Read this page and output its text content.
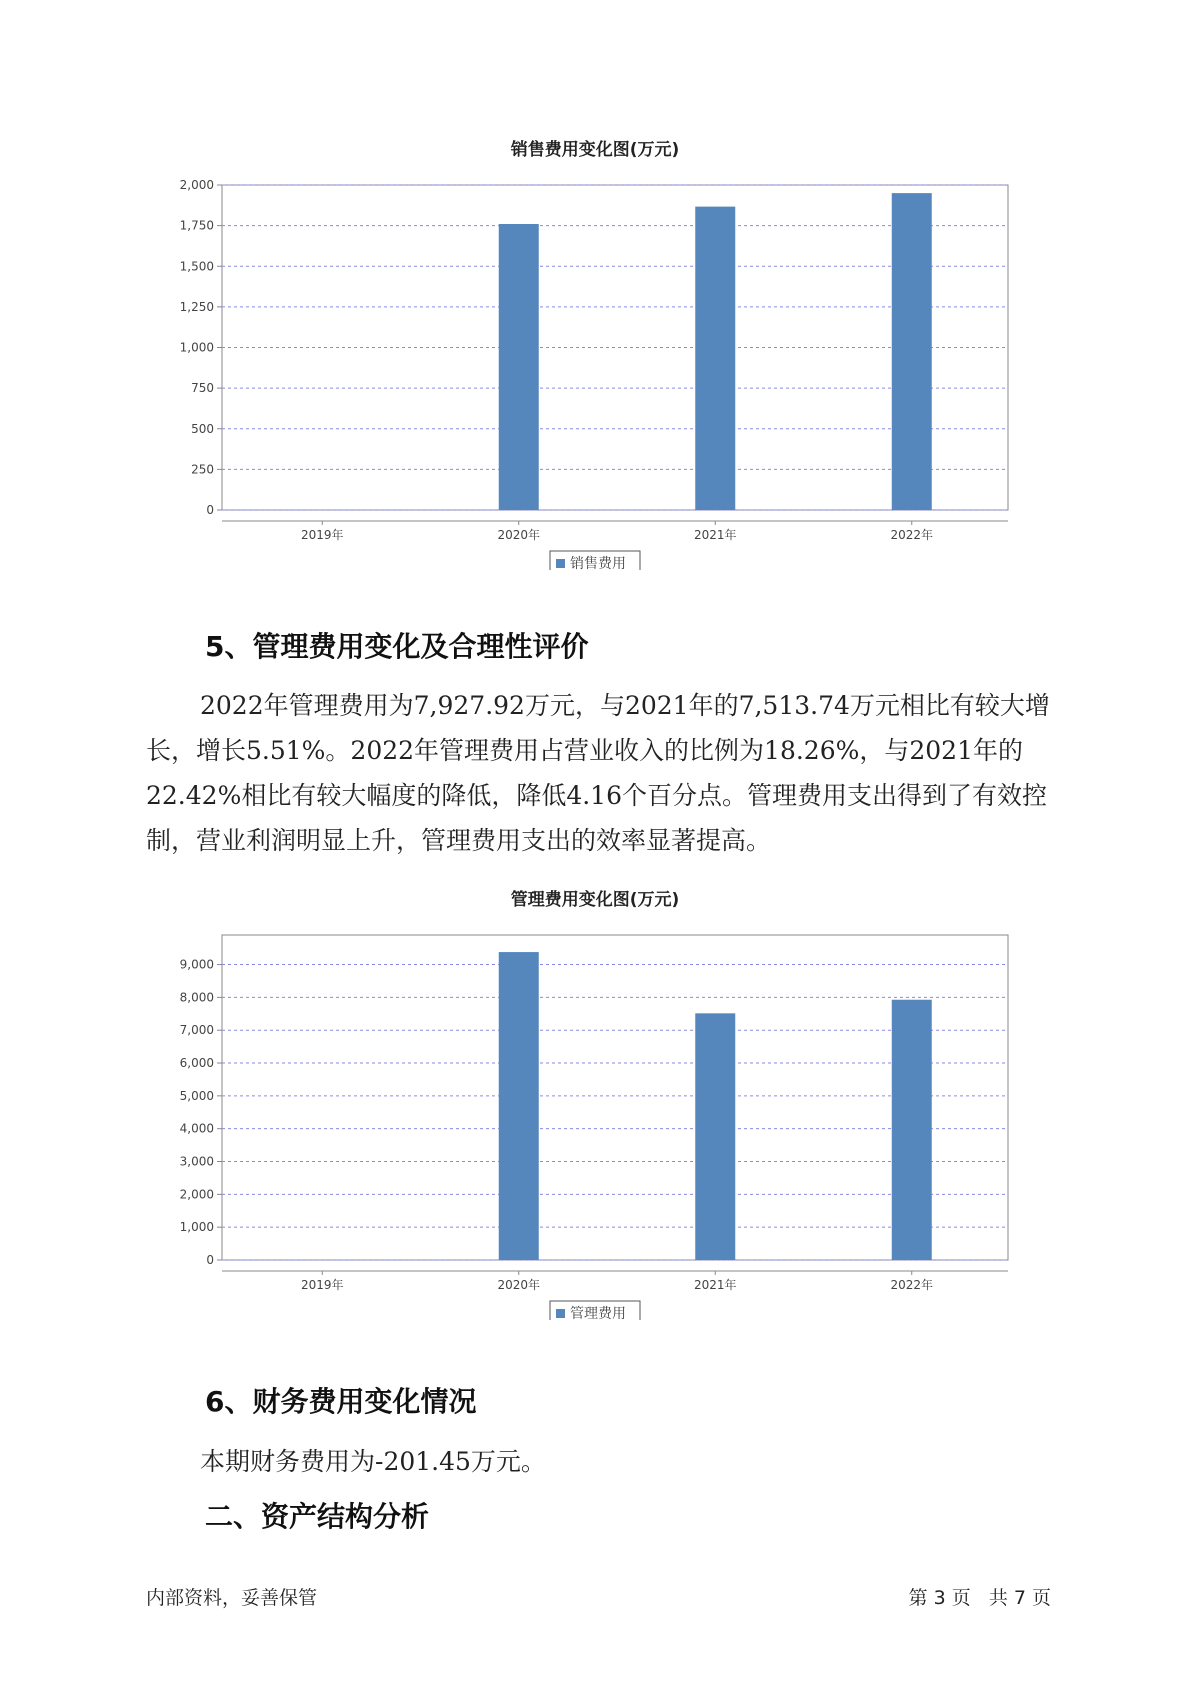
销售费用变化图(万元)
0
250
500
750
1,000
1,250
1,500
1,750
2,000
2019年	2020年	2021年	2022年
销售费用
管理费用变化图(万元)
0
1,000
2,000
3,000
4,000
5,000
6,000
7,000
8,000
9,000
2019年	2020年	2021年	2022年
管理费用
5、管理费用变化及合理性评价

2022年管理费用为7,927.92万元，与2021年的7,513.74万元相比有较大增长，增长5.51%。2022年管理费用占营业收入的比例为18.26%，与2021年的22.42%相比有较大幅度的降低，降低4.16个百分点。管理费用支出得到了有效控制，营业利润明显上升，管理费用支出的效率显著提高。

6、财务费用变化情况
本期财务费用为-201.45万元。
二、资产结构分析
内部资料，妥善保管	第 3 页   共 7 页
